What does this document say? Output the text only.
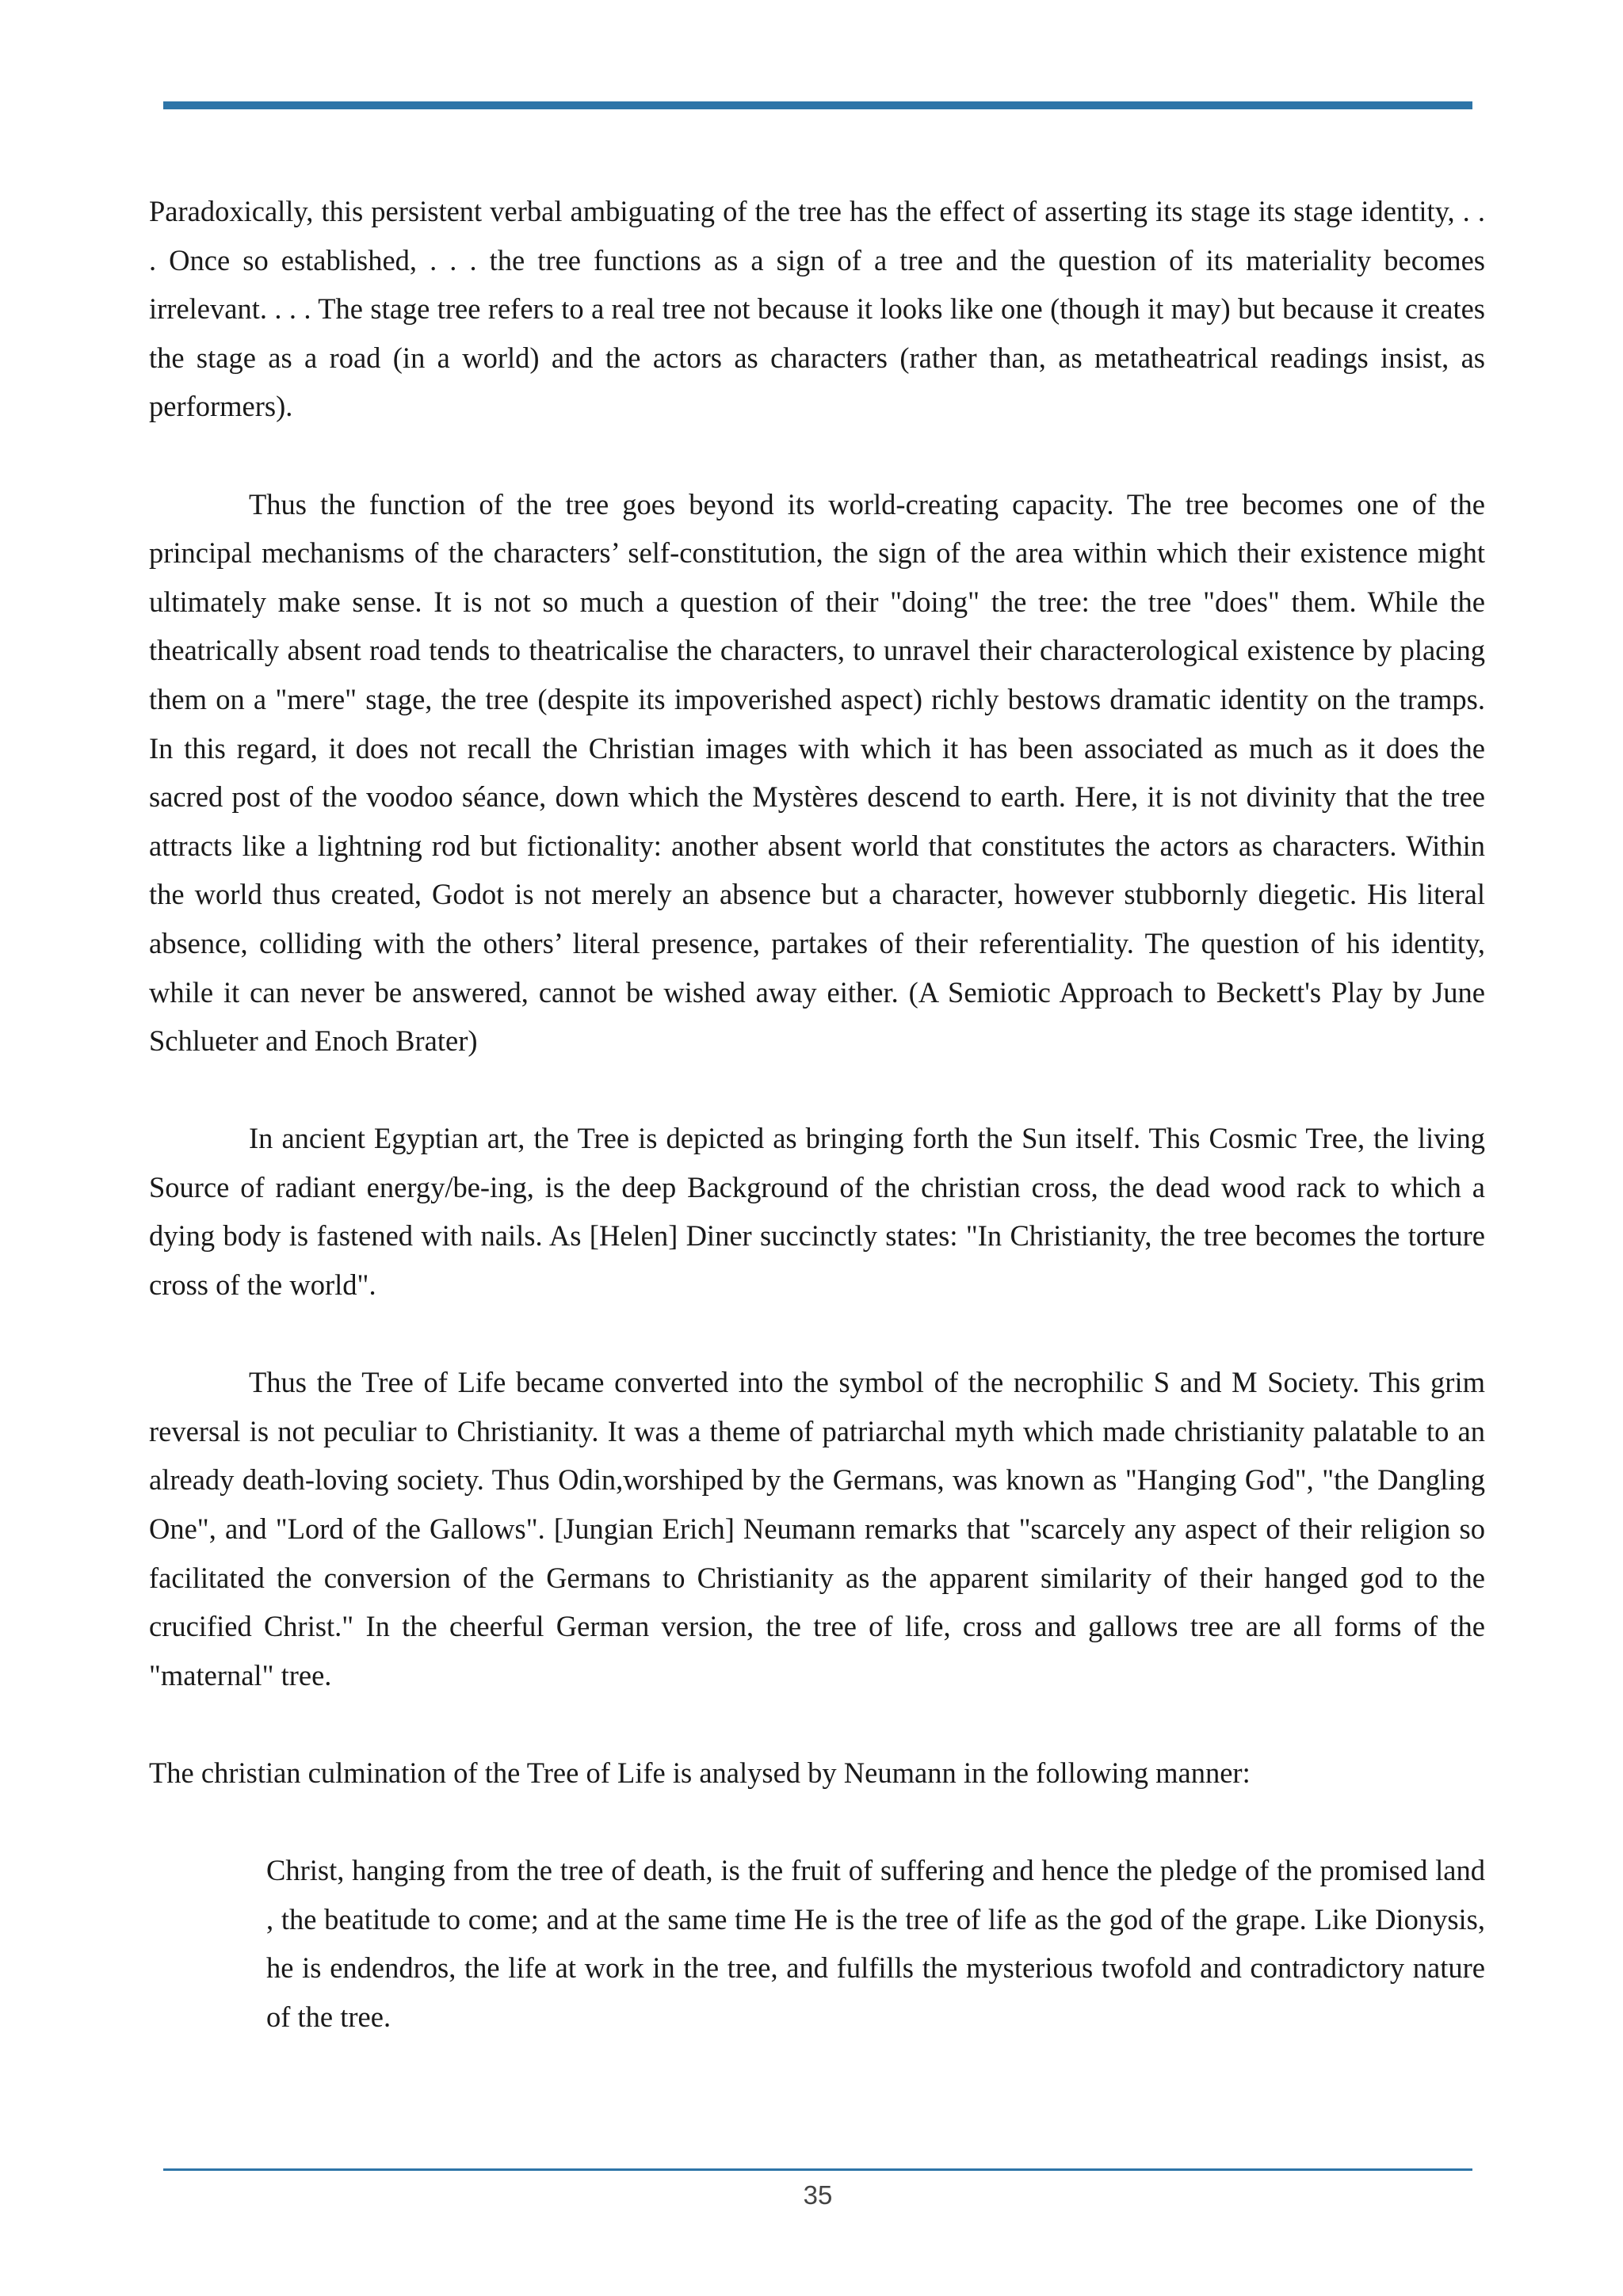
Paradoxically, this persistent verbal ambiguating of the tree has the effect of asserting its stage its stage identity, . . . Once so established, . . . the tree functions as a sign of a tree and the question of its materiality becomes irrelevant. . . . The stage tree refers to a real tree not because it looks like one (though it may) but because it creates the stage as a road (in a world) and the actors as characters (rather than, as metatheatrical readings insist, as performers).

Thus the function of the tree goes beyond its world-creating capacity. The tree becomes one of the principal mechanisms of the characters’ self-constitution, the sign of the area within which their existence might ultimately make sense. It is not so much a question of their "doing" the tree: the tree "does" them. While the theatrically absent road tends to theatricalise the characters, to unravel their characterological existence by placing them on a "mere" stage, the tree (despite its impoverished aspect) richly bestows dramatic identity on the tramps. In this regard, it does not recall the Christian images with which it has been associated as much as it does the sacred post of the voodoo séance, down which the Mystères descend to earth. Here, it is not divinity that the tree attracts like a lightning rod but fictionality: another absent world that constitutes the actors as characters. Within the world thus created, Godot is not merely an absence but a character, however stubbornly diegetic. His literal absence, colliding with the others’ literal presence, partakes of their referentiality. The question of his identity, while it can never be answered, cannot be wished away either. (A Semiotic Approach to Beckett's Play by June Schlueter and Enoch Brater)

In ancient Egyptian art, the Tree is depicted as bringing forth the Sun itself. This Cosmic Tree, the living Source of radiant energy/be-ing, is the deep Background of the christian cross, the dead wood rack to which a dying body is fastened with nails. As [Helen] Diner succinctly states: "In Christianity, the tree becomes the torture cross of the world".

Thus the Tree of Life became converted into the symbol of the necrophilic S and M Society. This grim reversal is not peculiar to Christianity. It was a theme of patriarchal myth which made christianity palatable to an already death-loving society. Thus Odin,worshiped by the Germans, was known as "Hanging God", "the Dangling One", and "Lord of the Gallows". [Jungian Erich] Neumann remarks that "scarcely any aspect of their religion so facilitated the conversion of the Germans to Christianity as the apparent similarity of their hanged god to the crucified Christ." In the cheerful German version, the tree of life, cross and gallows tree are all forms of the "maternal" tree.

The christian culmination of the Tree of Life is analysed by Neumann in the following manner:

Christ, hanging from the tree of death, is the fruit of suffering and hence the pledge of the promised land , the beatitude to come; and at the same time He is the tree of life as the god of the grape. Like Dionysis, he is endendros, the life at work in the tree, and fulfills the mysterious twofold and contradictory nature of the tree.

35
